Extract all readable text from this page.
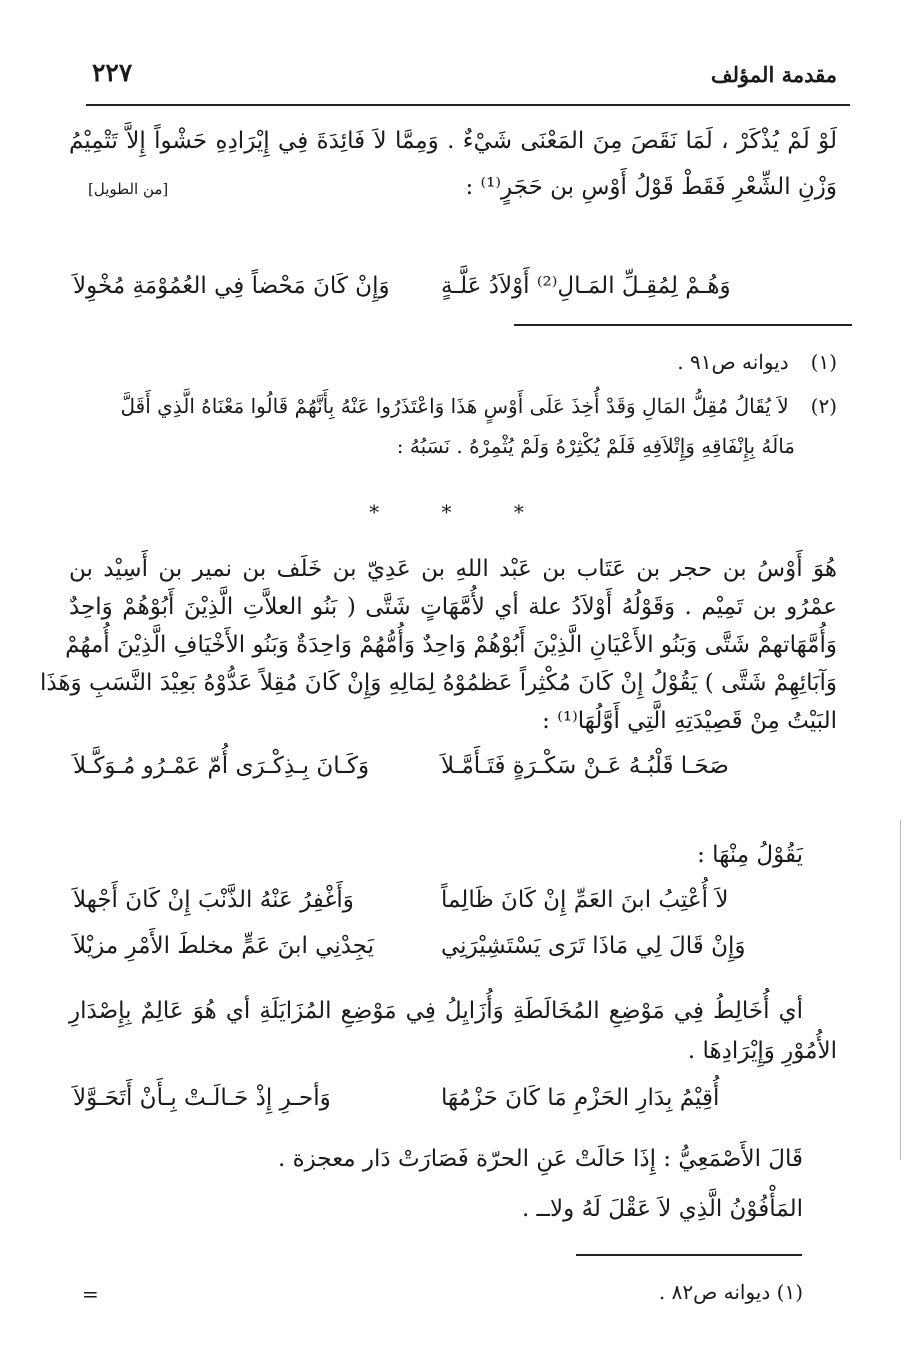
مقدمة المؤلف
٢٢٧
لَوْ لَمْ يُذْكَرْ ، لَمَا نَقَصَ مِنَ المَعْنَى شَيْءٌ . وَمِمَّا لاَ فَائِدَةَ فِي إِيْرَادِهِ حَشْواً إِلاَّ تَتْمِيْمُ
وَزْنِ الشِّعْرِ فَقَطْ قَوْلُ أَوْسِ بن حَجَرٍ⁽¹⁾ :
[من الطويل]
وَهُـمْ لِمُقِـلِّ المَـالِ⁽²⁾ أَوْلاَدُ عَلَّـةٍ
وَإِنْ كَانَ مَحْضاً فِي العُمُوْمَةِ مُخْوِلاَ
(١) ديوانه ص٩١ .
(٢) لاَ يُقَالُ مُقِلُّ المَالِ وَقَدْ أُخِذَ عَلَى أَوْسٍ هَذَا وَاعْتَذَرُوا عَنْهُ بِأَنَّهُمْ قَالُوا مَعْنَاهُ الَّذِي أَقَلَّ
مَالَهُ بِإِنْفَاقِهِ وَإِتْلاَفِهِ فَلَمْ يُكْثِرْهُ وَلَمْ يُثْمِرْهُ . نَسَبُهُ :
* * *
هُوَ أَوْسُ بن حجر بن عَتَاب بن عَبْد اللهِ بن عَدِيّ بن خَلَف بن نمير بن أَسِيْد بن
عمْرُو بن تَمِيْم . وَقَوْلُهُ أَوْلاَدُ علة أي لأُمَّهَاتٍ شَتَّى ( بَنُو العلاَّتِ الَّذِيْنَ أَبُوْهُمْ وَاحِدٌ
وَأُمَّهَاتهمْ شَتَّى وَبَنُو الأَعْيَانِ الَّذِيْنَ أَبُوْهُمْ وَاحِدٌ وَأُمُّهُمْ وَاحِدَةٌ وَبَنُو الأَخْيَافِ الَّذِيْنَ أُمهُمْ
وَآبَائِهِمْ شَتَّى ) يَقُوْلُ إِنْ كَانَ مُكْثِراً عَظمُوْهُ لِمَالِهِ وَإِنْ كَانَ مُقِلاً عَدُّوْهُ بَعِيْدَ النَّسَبِ وَهَذَا
البَيْتُ مِنْ قَصِيْدَتِهِ الَّتِي أَوَّلُهَا⁽¹⁾ :
صَحَـا قَلْبُـهُ عَـنْ سَكْـرَةٍ فَتَـأَمَّـلاَ
وَكَـانَ بِـذِكْـرَى أُمّ عَمْـرُو مُـوَكَّـلاَ
يَقُوْلُ مِنْهَا :
لاَ أُعْتِبُ ابنَ العَمِّ إِنْ كَانَ ظَالِماً
وَأَغْفِرُ عَنْهُ الذَّنْبَ إِنْ كَانَ أَجْهلاَ
وَإِنْ قَالَ لِي مَاذَا تَرَى يَسْتَشِيْرَنِي
يَجِدْنِي ابنَ عَمٍّ مخلطَ الأَمْرِ مزيْلاَ
أي أُخَالِطُ فِي مَوْضِعِ المُخَالَطَةِ وَأُزَايِلُ فِي مَوْضِعِ المُزَايَلَةِ أي هُوَ عَالِمٌ بِإِصْدَارِ
الأُمُوْرِ وَإِيْرَادِهَا .
أُقِيْمُ بِدَارِ الحَزْمِ مَا كَانَ حَزْمُهَا
وَأحـرِ إِذْ حَـالَـتْ بِـأَنْ أَتَحَـوَّلاَ
قَالَ الأَصْمَعِيُّ : إِذَا حَالَتْ عَنِ الحرّة فَصَارَتْ دَار معجزة .
المَأْفُوْنُ الَّذِي لاَ عَقْلَ لَهُ ولاــ .
(١) ديوانه ص٨٢ .
=
